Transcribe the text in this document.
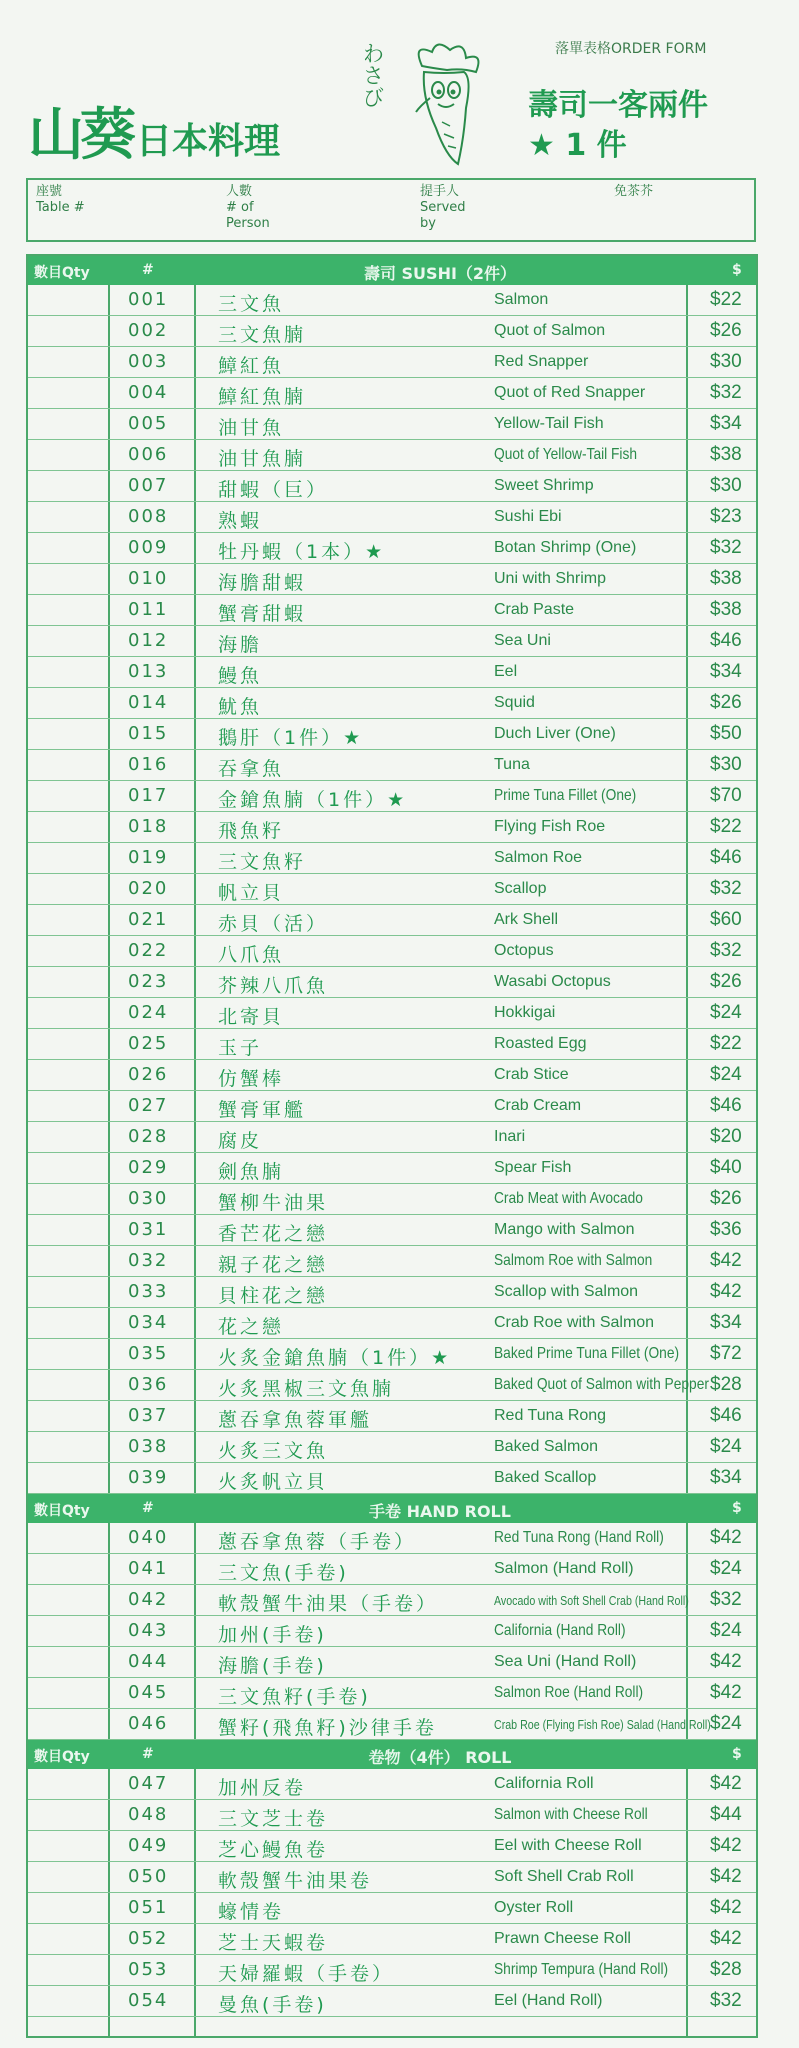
わさび	落單表格ORDER FORM
壽司一客兩件
★ 1 件
山葵 日本料理
座號
Table #
人數
# of
Person
提手人
Served
by
免茶芥
數目Qty	#	壽司 SUSHI（2件）	$
001	三文魚	Salmon	$22
002	三文魚腩	Quot of Salmon	$26
003	鱆紅魚	Red Snapper	$30
004	鱆紅魚腩	Quot of Red Snapper	$32
005	油甘魚	Yellow-Tail Fish	$34
006	油甘魚腩	Quot of Yellow-Tail Fish	$38
007	甜蝦（巨）	Sweet Shrimp	$30
008	熟蝦	Sushi Ebi	$23
009	牡丹蝦（1本）★	Botan Shrimp (One)	$32
010	海膽甜蝦	Uni with Shrimp	$38
011	蟹膏甜蝦	Crab Paste	$38
012	海膽	Sea Uni	$46
013	鰻魚	Eel	$34
014	魷魚	Squid	$26
015	鵝肝（1件）★	Duch Liver (One)	$50
016	吞拿魚	Tuna	$30
017	金鎗魚腩（1件）★	Prime Tuna Fillet (One)	$70
018	飛魚籽	Flying Fish Roe	$22
019	三文魚籽	Salmon Roe	$46
020	帆立貝	Scallop	$32
021	赤貝（活）	Ark Shell	$60
022	八爪魚	Octopus	$32
023	芥辣八爪魚	Wasabi Octopus	$26
024	北寄貝	Hokkigai	$24
025	玉子	Roasted Egg	$22
026	仿蟹棒	Crab Stice	$24
027	蟹膏軍艦	Crab Cream	$46
028	腐皮	Inari	$20
029	劍魚腩	Spear Fish	$40
030	蟹柳牛油果	Crab Meat with Avocado	$26
031	香芒花之戀	Mango with Salmon	$36
032	親子花之戀	Salmom Roe with Salmon	$42
033	貝柱花之戀	Scallop with Salmon	$42
034	花之戀	Crab Roe with Salmon	$34
035	火炙金鎗魚腩（1件）★	Baked Prime Tuna Fillet (One) $72
036	火炙黑椒三文魚腩	Baked Quot of Salmon with Pepper $28
037	蔥吞拿魚蓉軍艦	Red Tuna Rong	$46
038	火炙三文魚	Baked Salmon	$24
039	火炙帆立貝	Baked Scallop	$34
數目Qty	#	手卷 HAND ROLL	$
040	蔥吞拿魚蓉（手卷）	Red Tuna Rong (Hand Roll) $42
041	三文魚(手卷)	Salmon (Hand Roll)	$24
042	軟殼蟹牛油果（手卷）	Avocado with Soft Shell Crab (Hand Roll) $32
043	加州(手卷)	California (Hand Roll)	$24
044	海膽(手卷)	Sea Uni (Hand Roll)	$42
045	三文魚籽(手卷)	Salmon Roe (Hand Roll)	$42
046	蟹籽(飛魚籽)沙律手卷	Crab Roe (Flying Fish Roe) Salad (Hand Roll) $24
數目Qty	#	卷物（4件） ROLL	$
047	加州反卷	California Roll	$42
048	三文芝士卷	Salmon with Cheese Roll	$44
049	芝心鰻魚卷	Eel with Cheese Roll	$42
050	軟殼蟹牛油果卷	Soft Shell Crab Roll	$42
051	蠔情卷	Oyster Roll	$42
052	芝士天蝦卷	Prawn Cheese Roll	$42
053	天婦羅蝦（手卷）	Shrimp Tempura (Hand Roll) $28
054	曼魚(手卷)	Eel (Hand Roll)	$32
